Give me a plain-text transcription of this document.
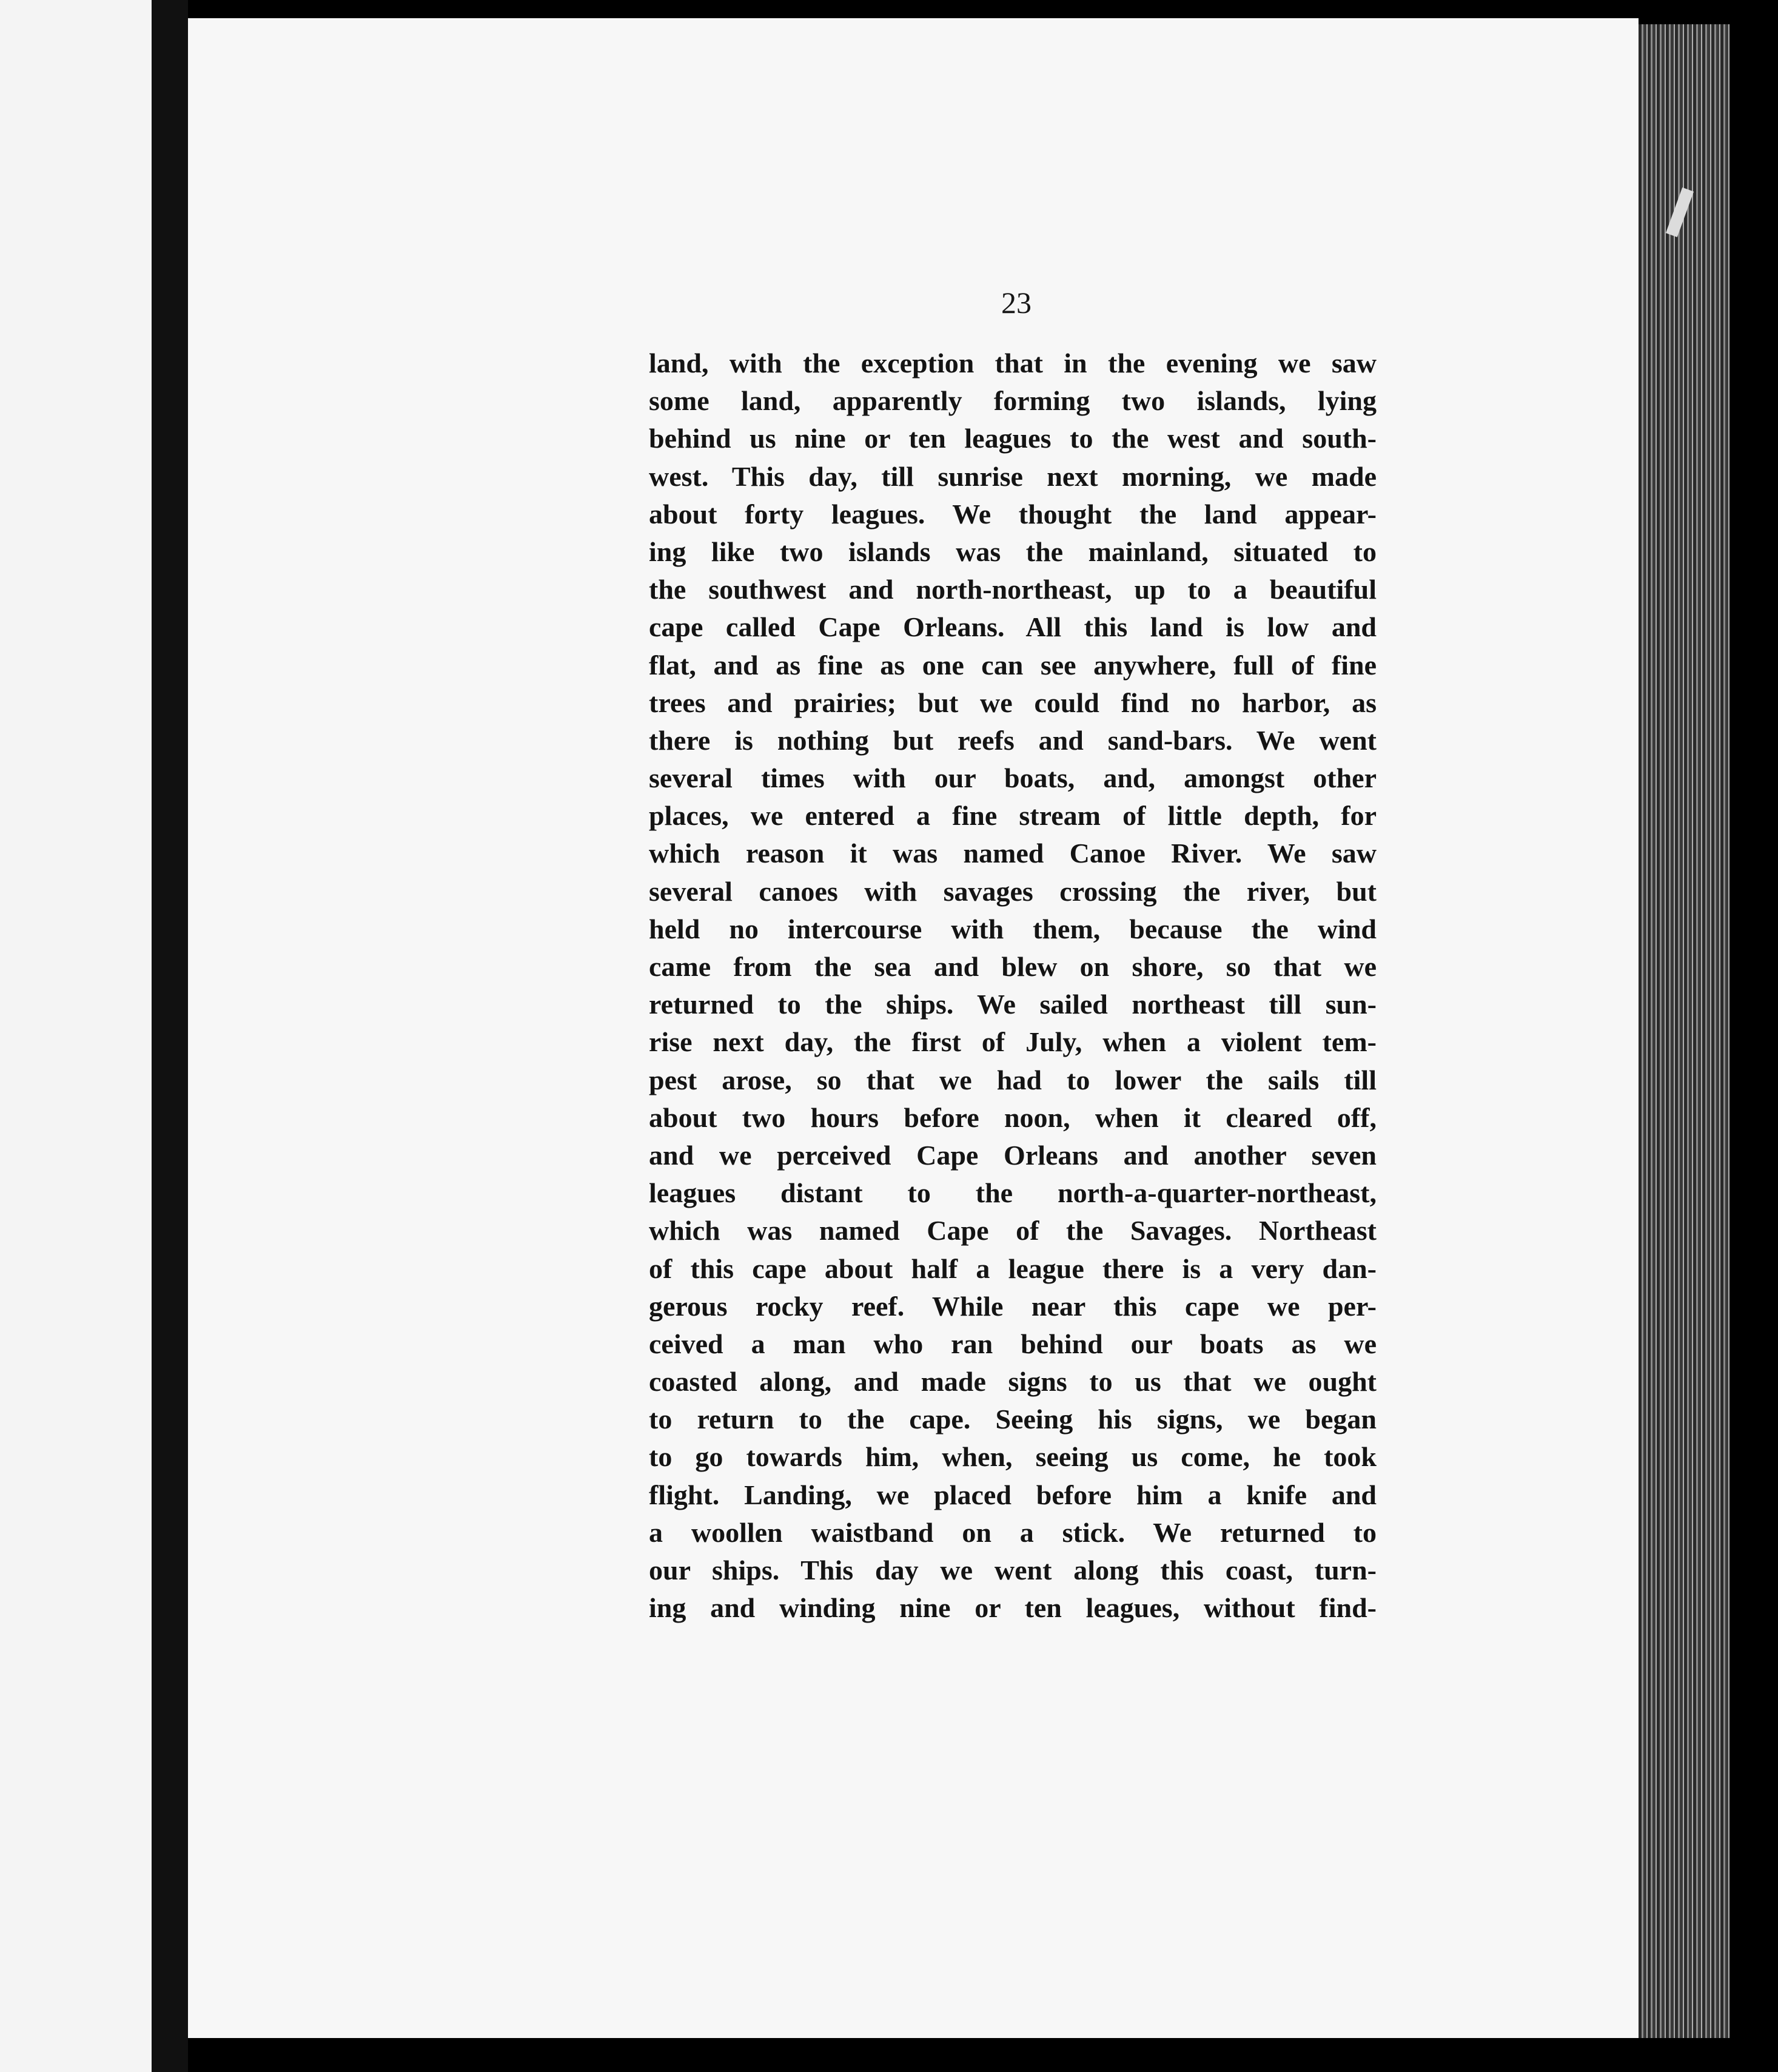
23

land, with the exception that in the evening we saw
some land, apparently forming two islands, lying
behind us nine or ten leagues to the west and south-
west. This day, till sunrise next morning, we made
about forty leagues. We thought the land appear-
ing like two islands was the mainland, situated to
the southwest and north-northeast, up to a beautiful
cape called Cape Orleans. All this land is low and
flat, and as fine as one can see anywhere, full of fine
trees and prairies; but we could find no harbor, as
there is nothing but reefs and sand-bars. We went
several times with our boats, and, amongst other
places, we entered a fine stream of little depth, for
which reason it was named Canoe River. We saw
several canoes with savages crossing the river, but
held no intercourse with them, because the wind
came from the sea and blew on shore, so that we
returned to the ships. We sailed northeast till sun-
rise next day, the first of July, when a violent tem-
pest arose, so that we had to lower the sails till
about two hours before noon, when it cleared off,
and we perceived Cape Orleans and another seven
leagues distant to the north-a-quarter-northeast,
which was named Cape of the Savages. Northeast
of this cape about half a league there is a very dan-
gerous rocky reef. While near this cape we per-
ceived a man who ran behind our boats as we
coasted along, and made signs to us that we ought
to return to the cape. Seeing his signs, we began
to go towards him, when, seeing us come, he took
flight. Landing, we placed before him a knife and
a woollen waistband on a stick. We returned to
our ships. This day we went along this coast, turn-
ing and winding nine or ten leagues, without find-
